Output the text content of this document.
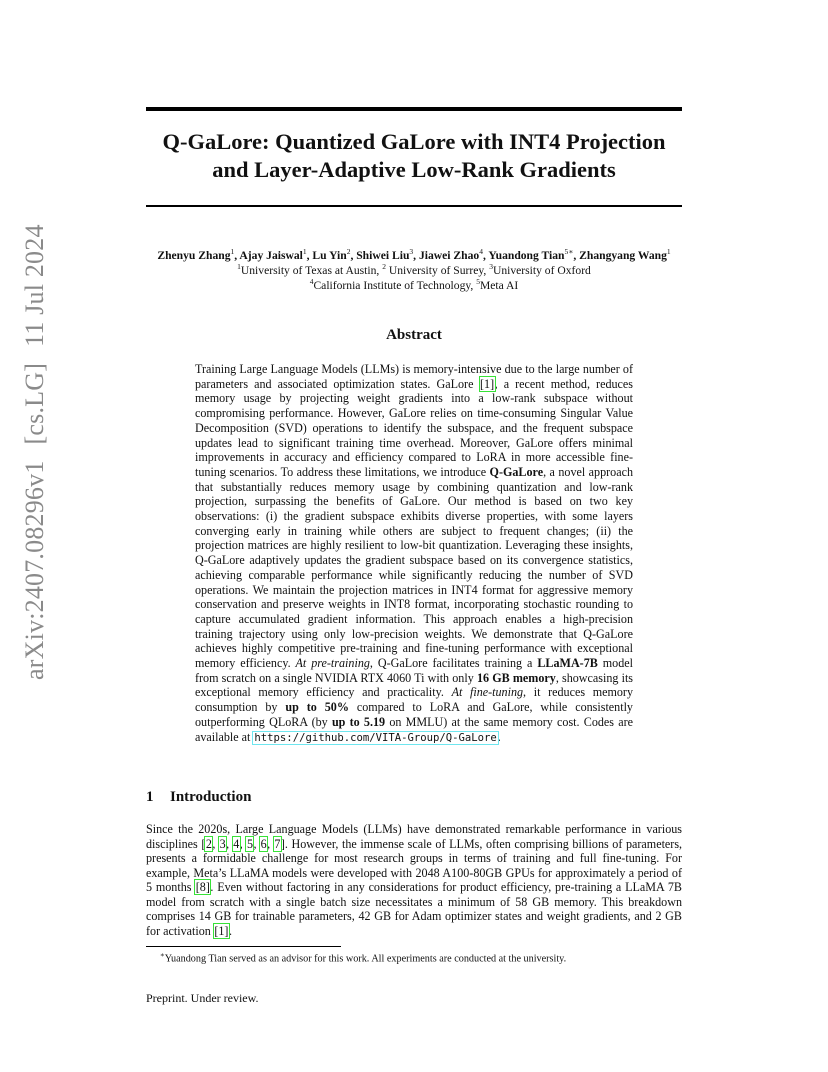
arXiv:2407.08296v1[cs.LG]11 Jul 2024
Q-GaLore: Quantized GaLore with INT4 Projection
and Layer-Adaptive Low-Rank Gradients
Zhenyu Zhang$^1$, Ajay Jaiswal$^1$, Lu Yin$^2$, Shiwei Liu$^3$, Jiawei Zhao$^4$, Yuandong Tian$^{5∗}$, Zhangyang Wang$^1$
$^1$University of Texas at Austin, $^2$ University of Surrey, $^3$University of Oxford
$^4$California Institute of Technology, $^5$Meta AI
Abstract

Training Large Language Models (LLMs) is memory-intensive due to the large number of parameters and associated optimization states. GaLore [1], a recent method, reduces memory usage by projecting weight gradients into a low-rank subspace without compromising performance. However, GaLore relies on time-consuming Singular Value Decomposition (SVD) operations to identify the subspace, and the frequent subspace updates lead to significant training time overhead. Moreover, GaLore offers minimal improvements in accuracy and efficiency compared to LoRA in more accessible fine-tuning scenarios. To address these limitations, we introduce Q-GaLore, a novel approach that substantially reduces memory usage by combining quantization and low-rank projection, surpassing the benefits of GaLore. Our method is based on two key observations: (i) the gradient subspace exhibits diverse properties, with some layers converging early in training while others are subject to frequent changes; (ii) the projection matrices are highly resilient to low-bit quantization. Leveraging these insights, Q-GaLore adaptively updates the gradient subspace based on its convergence statistics, achieving comparable performance while significantly reducing the number of SVD operations. We maintain the projection matrices in INT4 format for aggressive memory conservation and preserve weights in INT8 format, incorporating stochastic rounding to capture accumulated gradient information. This approach enables a high-precision training trajectory using only low-precision weights. We demonstrate that Q-GaLore achieves highly competitive pre-training and fine-tuning performance with exceptional memory efficiency. At pre-training, Q-GaLore facilitates training a LLaMA-7B model from scratch on a single NVIDIA RTX 4060 Ti with only 16 GB memory, showcasing its exceptional memory efficiency and practicality. At fine-tuning, it reduces memory consumption by up to 50% compared to LoRA and GaLore, while consistently outperforming QLoRA (by up to 5.19 on MMLU) at the same memory cost. Codes are available at https://github.com/VITA-Group/Q-GaLore.

1 Introduction

Since the 2020s, Large Language Models (LLMs) have demonstrated remarkable performance in various disciplines [2, 3, 4, 5, 6, 7]. However, the immense scale of LLMs, often comprising billions of parameters, presents a formidable challenge for most research groups in terms of training and full fine-tuning. For example, Meta’s LLaMA models were developed with 2048 A100-80GB GPUs for approximately a period of 5 months [8]. Even without factoring in any considerations for product efficiency, pre-training a LLaMA 7B model from scratch with a single batch size necessitates a minimum of 58 GB memory. This breakdown comprises 14 GB for trainable parameters, 42 GB for Adam optimizer states and weight gradients, and 2 GB for activation [1].

∗Yuandong Tian served as an advisor for this work. All experiments are conducted at the university.
Preprint. Under review.
